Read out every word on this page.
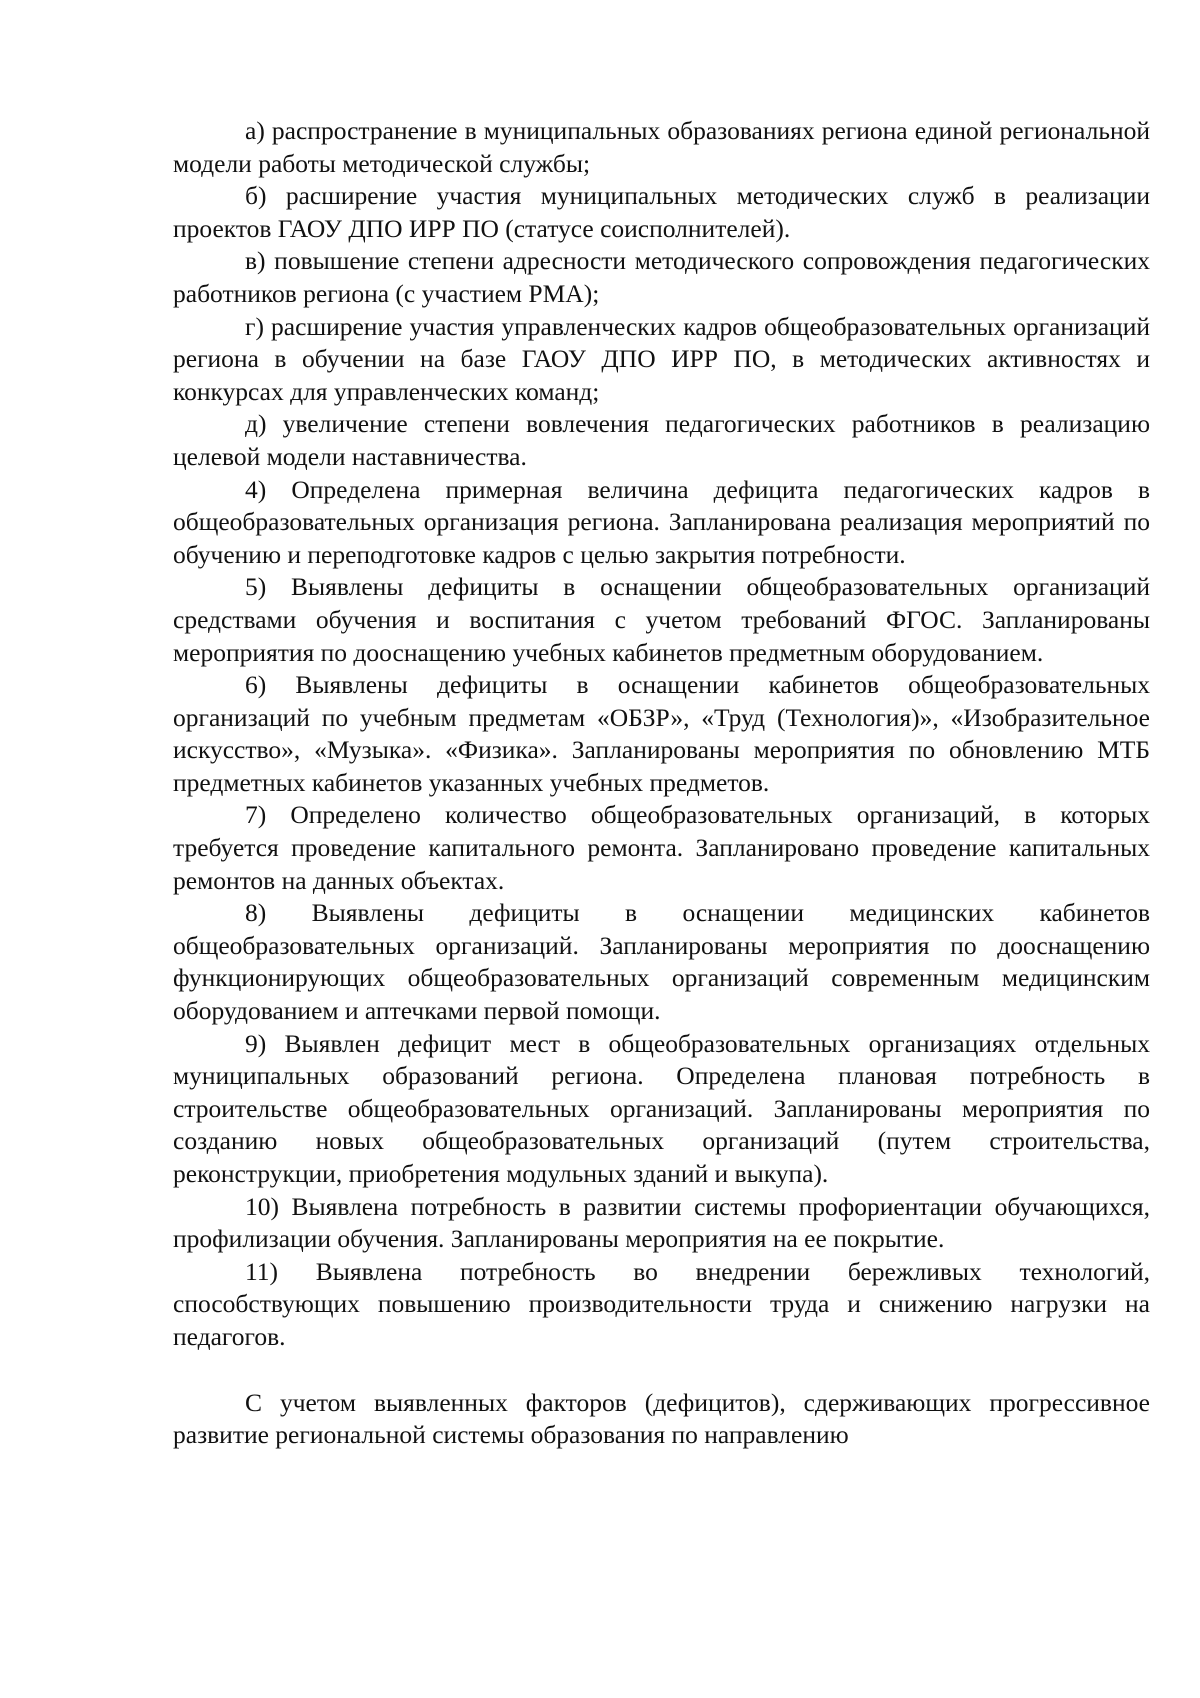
а) распространение в муниципальных образованиях региона единой региональной модели работы методической службы;

б) расширение участия муниципальных методических служб в реализации проектов ГАОУ ДПО ИРР ПО (статусе соисполнителей).

в) повышение степени адресности методического сопровождения педагогических работников региона (с участием РМА);

г) расширение участия управленческих кадров общеобразовательных организаций региона в обучении на базе ГАОУ ДПО ИРР ПО, в методических активностях и конкурсах для управленческих команд;

д) увеличение степени вовлечения педагогических работников в реализацию целевой модели наставничества.

4) Определена примерная величина дефицита педагогических кадров в общеобразовательных организация региона. Запланирована реализация мероприятий по обучению и переподготовке кадров с целью закрытия потребности.

5) Выявлены дефициты в оснащении общеобразовательных организаций средствами обучения и воспитания с учетом требований ФГОС. Запланированы мероприятия по дооснащению учебных кабинетов предметным оборудованием.

6) Выявлены дефициты в оснащении кабинетов общеобразовательных организаций по учебным предметам «ОБЗР», «Труд (Технология)», «Изобразительное искусство», «Музыка». «Физика». Запланированы мероприятия по обновлению МТБ предметных кабинетов указанных учебных предметов.

7) Определено количество общеобразовательных организаций, в которых требуется проведение капитального ремонта. Запланировано проведение капитальных ремонтов на данных объектах.

8) Выявлены дефициты в оснащении медицинских кабинетов общеобразовательных организаций. Запланированы мероприятия по дооснащению функционирующих общеобразовательных организаций современным медицинским оборудованием и аптечками первой помощи.

9) Выявлен дефицит мест в общеобразовательных организациях отдельных муниципальных образований региона. Определена плановая потребность в строительстве общеобразовательных организаций. Запланированы мероприятия по созданию новых общеобразовательных организаций (путем строительства, реконструкции, приобретения модульных зданий и выкупа).

10) Выявлена потребность в развитии системы профориентации обучающихся, профилизации обучения. Запланированы мероприятия на ее покрытие.

11) Выявлена потребность во внедрении бережливых технологий, способствующих повышению производительности труда и снижению нагрузки на педагогов.

С учетом выявленных факторов (дефицитов), сдерживающих прогрессивное развитие региональной системы образования по направлению
